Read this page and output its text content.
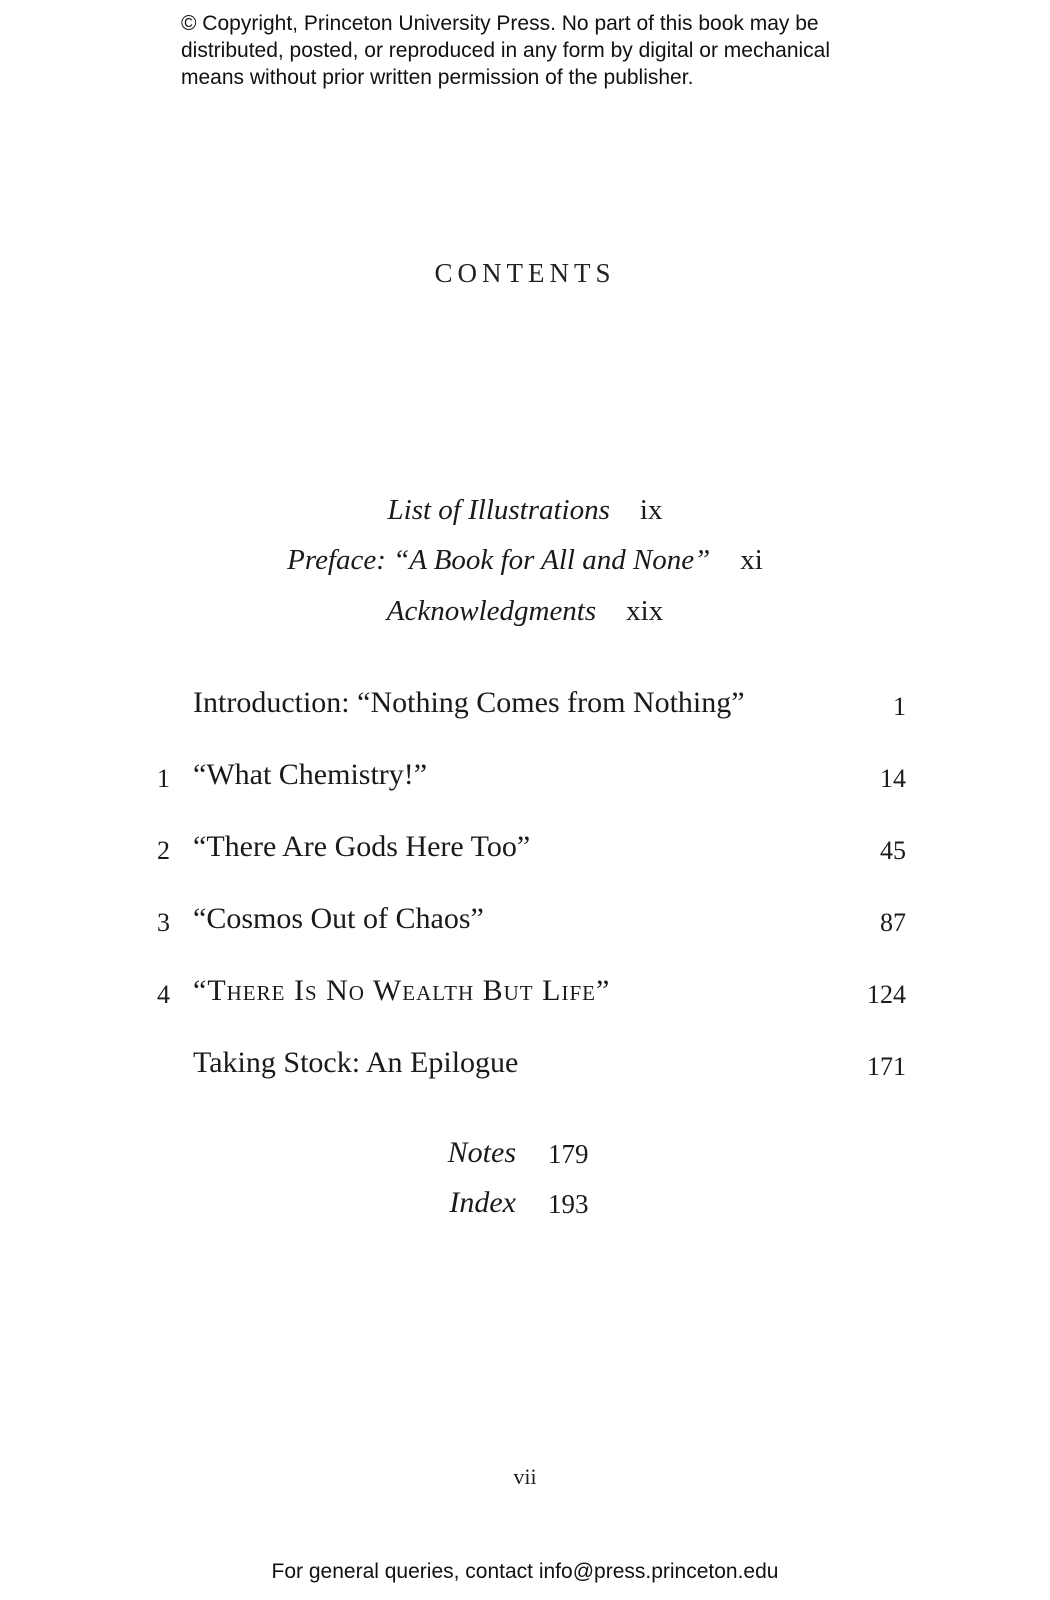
© Copyright, Princeton University Press. No part of this book may be
distributed, posted, or reproduced in any form by digital or mechanical
means without prior written permission of the publisher.
CONTENTS
List of Illustrations ix
Preface: “A Book for All and None” xi
Acknowledgments xix
Introduction: “Nothing Comes from Nothing”	1
1 “What Chemistry!”	14
2 “There Are Gods Here Too”	45
3 “Cosmos Out of Chaos”	87
4 “There Is No Wealth But Life”	124
Taking Stock: An Epilogue	171
Notes 179
Index 193
vii
For general queries, contact info@press.princeton.edu
